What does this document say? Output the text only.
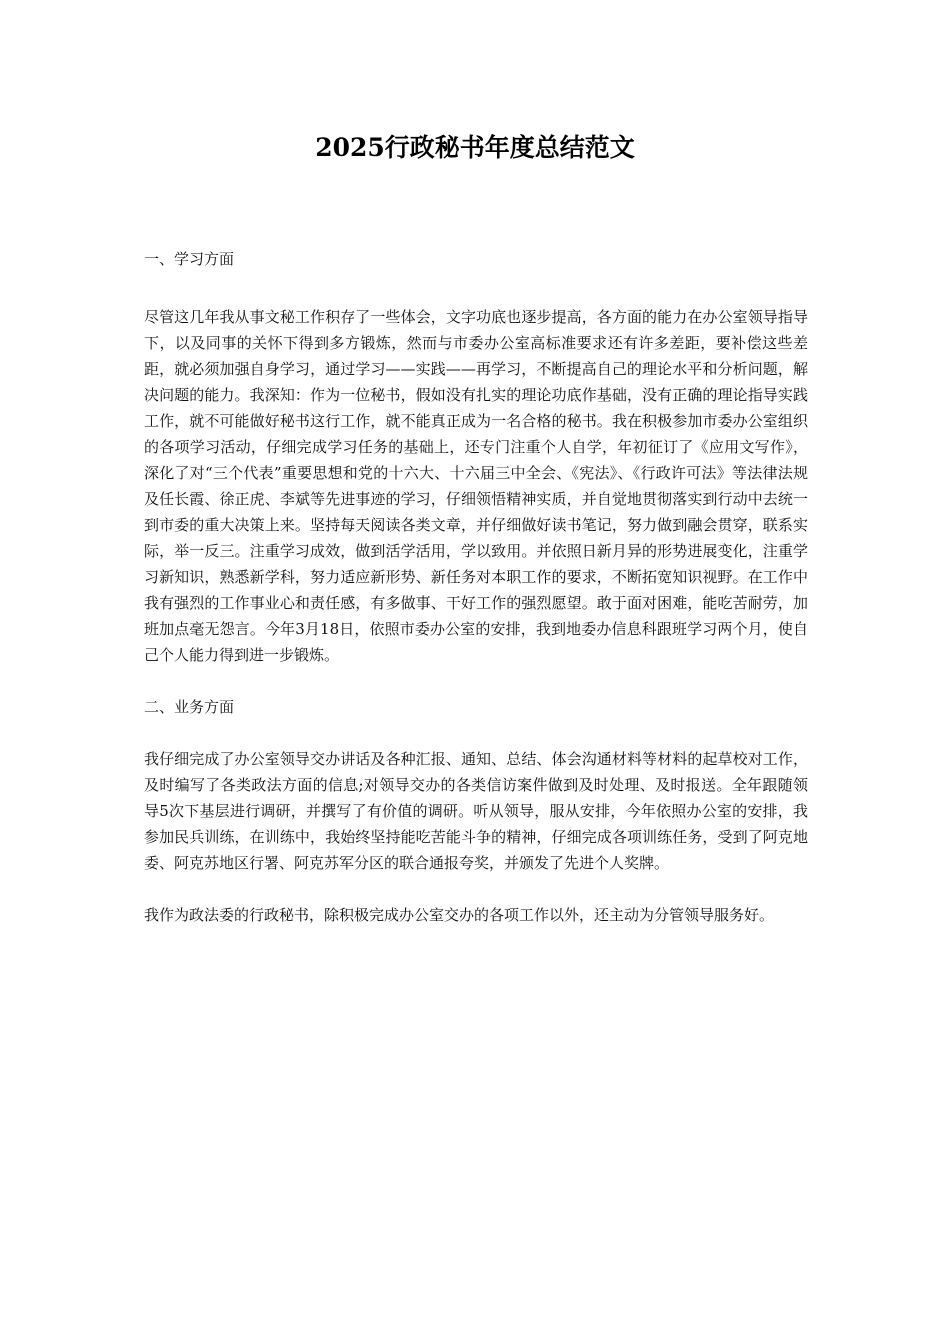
2025行政秘书年度总结范文

一、学习方面

尽管这几年我从事文秘工作积存了一些体会，文字功底也逐步提高，各方面的能力在办公室领导指导下，以及同事的关怀下得到多方锻炼，然而与市委办公室高标准要求还有许多差距，要补偿这些差距，就必须加强自身学习，通过学习——实践——再学习，不断提高自己的理论水平和分析问题，解决问题的能力。我深知：作为一位秘书，假如没有扎实的理论功底作基础，没有正确的理论指导实践工作，就不可能做好秘书这行工作，就不能真正成为一名合格的秘书。我在积极参加市委办公室组织的各项学习活动，仔细完成学习任务的基础上，还专门注重个人自学，年初征订了《应用文写作》，深化了对“三个代表”重要思想和党的十六大、十六届三中全会、《宪法》、《行政许可法》等法律法规及任长霞、徐正虎、李斌等先进事迹的学习，仔细领悟精神实质，并自觉地贯彻落实到行动中去统一到市委的重大决策上来。坚持每天阅读各类文章，并仔细做好读书笔记，努力做到融会贯穿，联系实际，举一反三。注重学习成效，做到活学活用，学以致用。并依照日新月异的形势进展变化，注重学习新知识，熟悉新学科，努力适应新形势、新任务对本职工作的要求，不断拓宽知识视野。在工作中我有强烈的工作事业心和责任感，有多做事、干好工作的强烈愿望。敢于面对困难，能吃苦耐劳，加班加点毫无怨言。今年3月18日，依照市委办公室的安排，我到地委办信息科跟班学习两个月，使自己个人能力得到进一步锻炼。

二、业务方面

我仔细完成了办公室领导交办讲话及各种汇报、通知、总结、体会沟通材料等材料的起草校对工作，及时编写了各类政法方面的信息;对领导交办的各类信访案件做到及时处理、及时报送。全年跟随领导5次下基层进行调研，并撰写了有价值的调研。听从领导，服从安排，今年依照办公室的安排，我参加民兵训练，在训练中，我始终坚持能吃苦能斗争的精神，仔细完成各项训练任务，受到了阿克地委、阿克苏地区行署、阿克苏军分区的联合通报夸奖，并颁发了先进个人奖牌。

我作为政法委的行政秘书，除积极完成办公室交办的各项工作以外，还主动为分管领导服务好。
